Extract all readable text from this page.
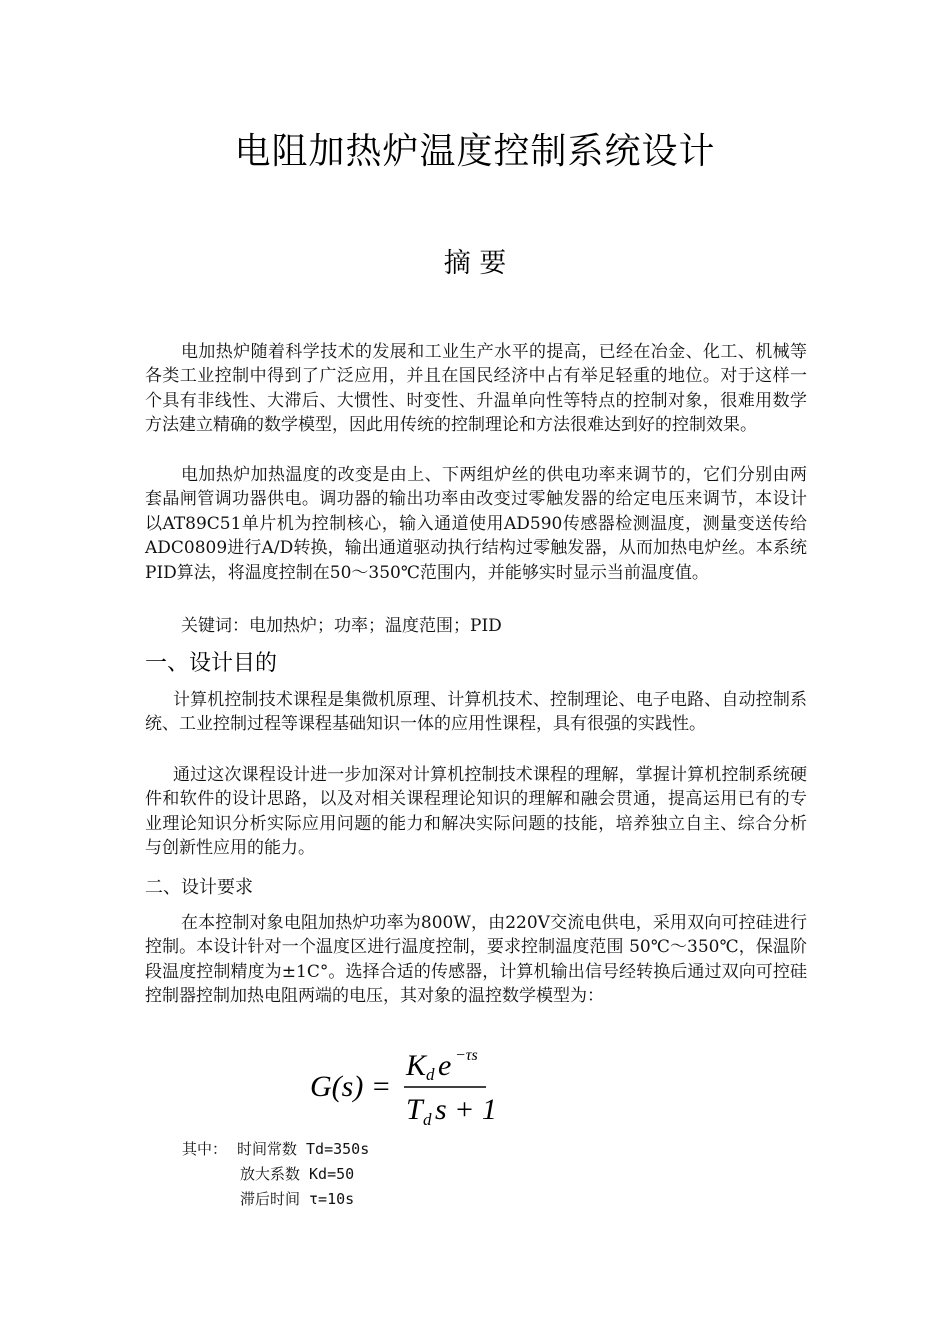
电阻加热炉温度控制系统设计
摘 要
电加热炉随着科学技术的发展和工业生产水平的提高，已经在冶金、化工、机械等各类工业控制中得到了广泛应用，并且在国民经济中占有举足轻重的地位。对于这样一个具有非线性、大滞后、大惯性、时变性、升温单向性等特点的控制对象，很难用数学方法建立精确的数学模型，因此用传统的控制理论和方法很难达到好的控制效果。
电加热炉加热温度的改变是由上、下两组炉丝的供电功率来调节的，它们分别由两套晶闸管调功器供电。调功器的输出功率由改变过零触发器的给定电压来调节，本设计以AT89C51单片机为控制核心，输入通道使用AD590传感器检测温度，测量变送传给ADC0809进行A/D转换，输出通道驱动执行结构过零触发器，从而加热电炉丝。本系统PID算法，将温度控制在50～350℃范围内，并能够实时显示当前温度值。
关键词：电加热炉；功率；温度范围；PID
一、设计目的
计算机控制技术课程是集微机原理、计算机技术、控制理论、电子电路、自动控制系统、工业控制过程等课程基础知识一体的应用性课程，具有很强的实践性。
通过这次课程设计进一步加深对计算机控制技术课程的理解，掌握计算机控制系统硬件和软件的设计思路，以及对相关课程理论知识的理解和融会贯通，提高运用已有的专业理论知识分析实际应用问题的能力和解决实际问题的技能，培养独立自主、综合分析与创新性应用的能力。
二、设计要求
在本控制对象电阻加热炉功率为800W，由220V交流电供电，采用双向可控硅进行控制。本设计针对一个温度区进行温度控制，要求控制温度范围 50℃～350℃，保温阶段温度控制精度为±1C°。选择合适的传感器，计算机输出信号经转换后通过双向可控硅控制器控制加热电阻两端的电压，其对象的温控数学模型为：
G(s) =
K d e −τs
T d s + 1
其中： 时间常数 Td=350s
放大系数 Kd=50
滞后时间 τ=10s
